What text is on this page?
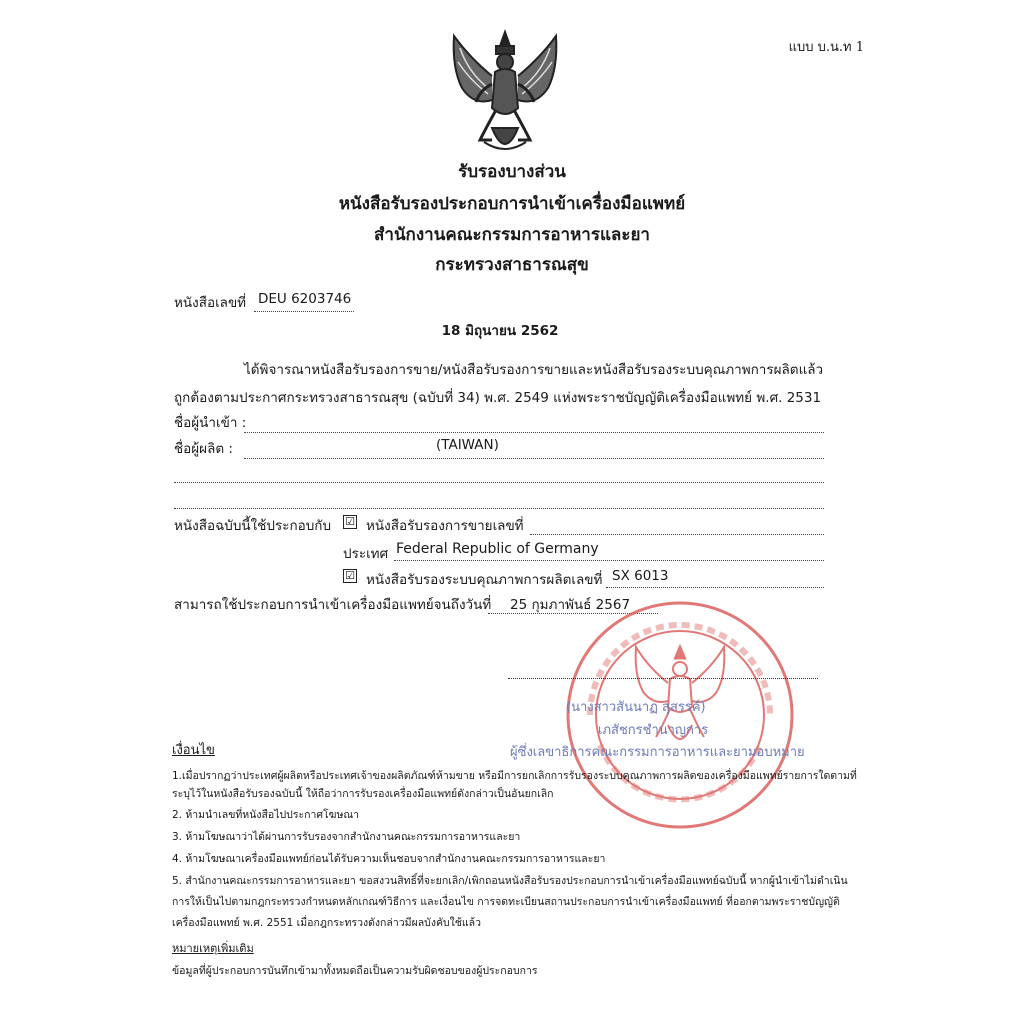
แบบ บ.น.ท 1
รับรองบางส่วน
หนังสือรับรองประกอบการนำเข้าเครื่องมือแพทย์
สำนักงานคณะกรรมการอาหารและยา
กระทรวงสาธารณสุข
หนังสือเลขที่ DEU 6203746
18 มิถุนายน 2562
ได้พิจารณาหนังสือรับรองการขาย/หนังสือรับรองการขายและหนังสือรับรองระบบคุณภาพการผลิตแล้ว
ถูกต้องตามประกาศกระทรวงสาธารณสุข (ฉบับที่ 34) พ.ศ. 2549 แห่งพระราชบัญญัติเครื่องมือแพทย์ พ.ศ. 2531
ชื่อผู้นำเข้า :
ชื่อผู้ผลิต :	(TAIWAN)
หนังสือฉบับนี้ใช้ประกอบกับ ☑ หนังสือรับรองการขายเลขที่
ประเทศ Federal Republic of Germany
☑ หนังสือรับรองระบบคุณภาพการผลิตเลขที่ SX 6013
สามารถใช้ประกอบการนำเข้าเครื่องมือแพทย์จนถึงวันที่ 25 กุมภาพันธ์ 2567
(นางสาวสันนาฏ สุสรรค์)
เภสัชกรชำนาญการ
ผู้ซึ่งเลขาธิการคณะกรรมการอาหารและยามอบหมาย
เงื่อนไข
1.เมื่อปรากฏว่าประเทศผู้ผลิตหรือประเทศเจ้าของผลิตภัณฑ์ห้ามขาย หรือมีการยกเลิกการรับรองระบบคุณภาพการผลิตของเครื่องมือแพทย์รายการใดตามที่
ระบุไว้ในหนังสือรับรองฉบับนี้ ให้ถือว่าการรับรองเครื่องมือแพทย์ดังกล่าวเป็นอันยกเลิก
2. ห้ามนำเลขที่หนังสือไปประกาศโฆษณา
3. ห้ามโฆษณาว่าได้ผ่านการรับรองจากสำนักงานคณะกรรมการอาหารและยา
4. ห้ามโฆษณาเครื่องมือแพทย์ก่อนได้รับความเห็นชอบจากสำนักงานคณะกรรมการอาหารและยา
5. สำนักงานคณะกรรมการอาหารและยา ขอสงวนสิทธิ์ที่จะยกเลิก/เพิกถอนหนังสือรับรองประกอบการนำเข้าเครื่องมือแพทย์ฉบับนี้ หากผู้นำเข้าไม่ดำเนิน
การให้เป็นไปตามกฎกระทรวงกำหนดหลักเกณฑ์วิธีการ และเงื่อนไข การจดทะเบียนสถานประกอบการนำเข้าเครื่องมือแพทย์ ที่ออกตามพระราชบัญญัติ
เครื่องมือแพทย์ พ.ศ. 2551 เมื่อกฎกระทรวงดังกล่าวมีผลบังคับใช้แล้ว
หมายเหตุเพิ่มเติม
ข้อมูลที่ผู้ประกอบการบันทึกเข้ามาทั้งหมดถือเป็นความรับผิดชอบของผู้ประกอบการ
